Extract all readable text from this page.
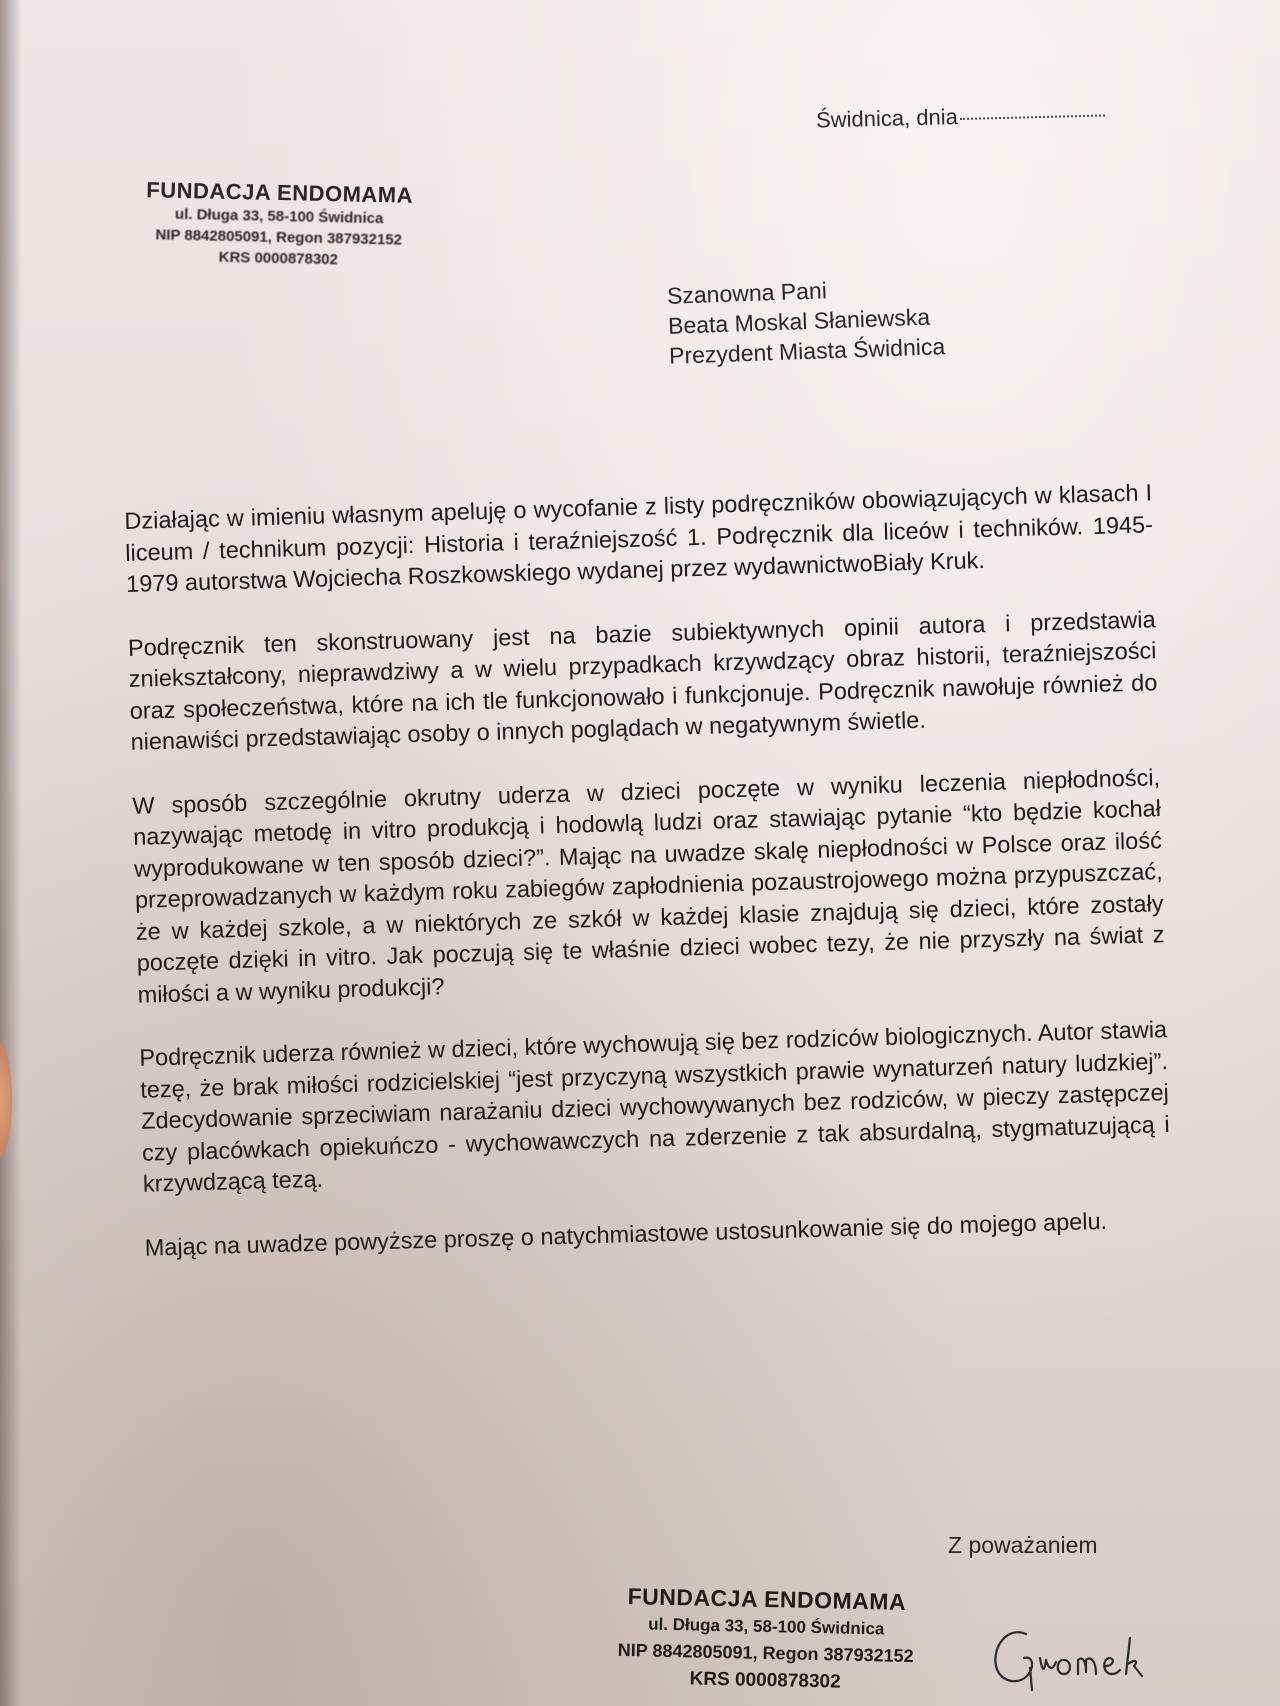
Świdnica, dnia
FUNDACJA ENDOMAMA
ul. Długa 33, 58-100 Świdnica
NIP 8842805091, Regon 387932152
KRS 0000878302
Szanowna Pani
Beata Moskal Słaniewska
Prezydent Miasta Świdnica

Działając w imieniu własnym apeluję o wycofanie z listy podręczników obowiązujących w klasach I liceum / technikum pozycji: Historia i teraźniejszość 1. Podręcznik dla liceów i techników. 1945-1979 autorstwa Wojciecha Roszkowskiego wydanej przez wydawnictwoBiały Kruk.

Podręcznik ten skonstruowany jest na bazie subiektywnych opinii autora i przedstawia zniekształcony, nieprawdziwy a w wielu przypadkach krzywdzący obraz historii, teraźniejszości oraz społeczeństwa, które na ich tle funkcjonowało i funkcjonuje. Podręcznik nawołuje również do nienawiści przedstawiając osoby o innych poglądach w negatywnym świetle.

W sposób szczególnie okrutny uderza w dzieci poczęte w wyniku leczenia niepłodności, nazywając metodę in vitro produkcją i hodowlą ludzi oraz stawiając pytanie “kto będzie kochał wyprodukowane w ten sposób dzieci?”. Mając na uwadze skalę niepłodności w Polsce oraz ilość przeprowadzanych w każdym roku zabiegów zapłodnienia pozaustrojowego można przypuszczać, że w każdej szkole, a w niektórych ze szkół w każdej klasie znajdują się dzieci, które zostały poczęte dzięki in vitro. Jak poczują się te właśnie dzieci wobec tezy, że nie przyszły na świat z miłości a w wyniku produkcji?

Podręcznik uderza również w dzieci, które wychowują się bez rodziców biologicznych. Autor stawia tezę, że brak miłości rodzicielskiej “jest przyczyną wszystkich prawie wynaturzeń natury ludzkiej”. Zdecydowanie sprzeciwiam narażaniu dzieci wychowywanych bez rodziców, w pieczy zastępczej czy placówkach opiekuńczo - wychowawczych na zderzenie z tak absurdalną, stygmatuzującą i krzywdzącą tezą.

Mając na uwadze powyższe proszę o natychmiastowe ustosunkowanie się do mojego apelu.

Z poważaniem
FUNDACJA ENDOMAMA
ul. Długa 33, 58-100 Świdnica
NIP 8842805091, Regon 387932152
KRS 0000878302
